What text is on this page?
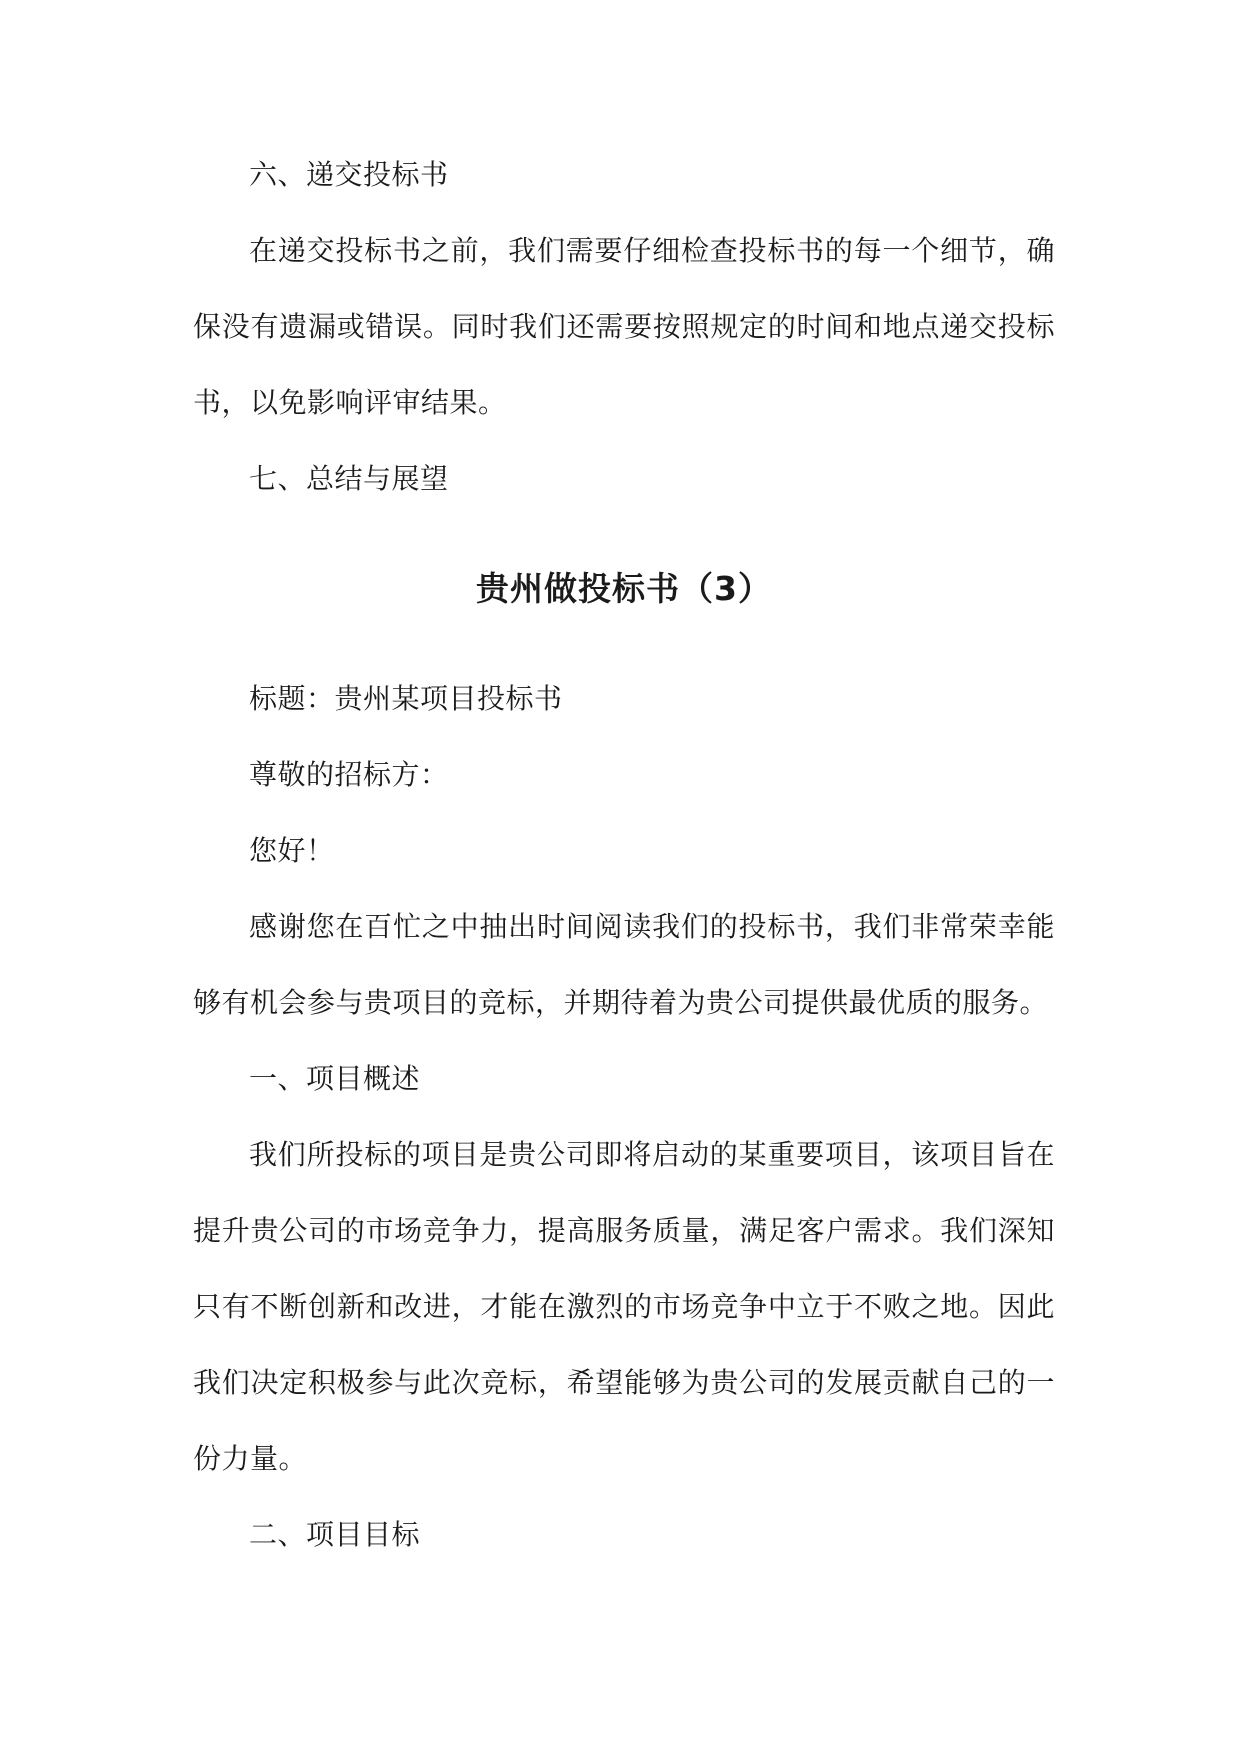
六、递交投标书

在递交投标书之前，我们需要仔细检查投标书的每一个细节，确保没有遗漏或错误。同时我们还需要按照规定的时间和地点递交投标书，以免影响评审结果。

七、总结与展望

贵州做投标书（3）

标题：贵州某项目投标书

尊敬的招标方：

您好！

感谢您在百忙之中抽出时间阅读我们的投标书，我们非常荣幸能够有机会参与贵项目的竞标，并期待着为贵公司提供最优质的服务。

一、项目概述

我们所投标的项目是贵公司即将启动的某重要项目，该项目旨在提升贵公司的市场竞争力，提高服务质量，满足客户需求。我们深知只有不断创新和改进，才能在激烈的市场竞争中立于不败之地。因此我们决定积极参与此次竞标，希望能够为贵公司的发展贡献自己的一份力量。

二、项目目标
